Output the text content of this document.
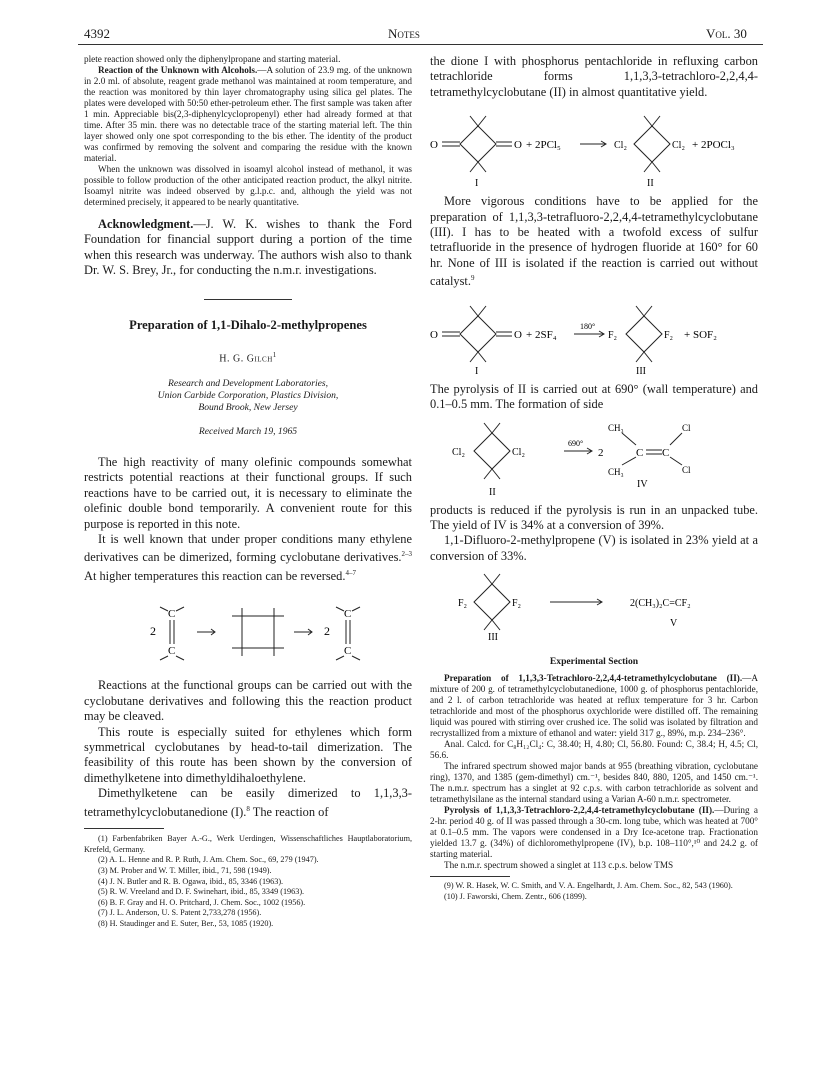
4392	Notes	Vol. 30

plete reaction showed only the diphenylpropane and starting material.

Reaction of the Unknown with Alcohols.—A solution of 23.9 mg. of the unknown in 2.0 ml. of absolute, reagent grade methanol was maintained at room temperature, and the reaction was monitored by thin layer chromatography using silica gel plates. The plates were developed with 50:50 ether-petroleum ether. The first sample was taken after 1 min. Appreciable bis(2,3-diphenylcyclopropenyl) ether had already formed at that time. After 35 min. there was no detectable trace of the starting material left. The thin layer showed only one spot corresponding to the bis ether. The identity of the product was confirmed by removing the solvent and comparing the residue with the known material.

When the unknown was dissolved in isoamyl alcohol instead of methanol, it was possible to follow production of the other anticipated reaction product, the alkyl nitrite. Isoamyl nitrite was indeed observed by g.l.p.c. and, although the yield was not determined precisely, it appeared to be nearly quantitative.

Acknowledgment.—J. W. K. wishes to thank the Ford Foundation for financial support during a portion of the time when this research was underway. The authors wish also to thank Dr. W. S. Brey, Jr., for conducting the n.m.r. investigations.

Preparation of 1,1-Dihalo-2-methylpropenes
H. G. Gilch$^1$
Research and Development Laboratories,
Union Carbide Corporation, Plastics Division,
Bound Brook, New Jersey
Received March 19, 1965

The high reactivity of many olefinic compounds somewhat restricts potential reactions at their functional groups. If such reactions have to be carried out, it is necessary to eliminate the olefinic double bond temporarily. A convenient route for this purpose is reported in this note.

It is well known that under proper conditions many ethylene derivatives can be dimerized, forming cyclobutane derivatives.$^{2-3}$ At higher temperatures this reaction can be reversed.$^{4-7}$

2
C
C
2
C
C

Reactions at the functional groups can be carried out with the cyclobutane derivatives and following this the reaction product may be cleaved.

This route is especially suited for ethylenes which form symmetrical cyclobutanes by head-to-tail dimerization. The feasibility of this route has been shown by the conversion of dimethylketene into dimethyldihaloethylene.

Dimethylketene can be easily dimerized to 1,1,3,3-tetramethylcyclobutanedione (I).$^8$ The reaction of

(1) Farbenfabriken Bayer A.-G., Werk Uerdingen, Wissenschaftliches Hauptlaboratorium, Krefeld, Germany.

(2) A. L. Henne and R. P. Ruth, J. Am. Chem. Soc., 69, 279 (1947).

(3) M. Prober and W. T. Miller, ibid., 71, 598 (1949).

(4) J. N. Butler and R. B. Ogawa, ibid., 85, 3346 (1963).

(5) R. W. Vreeland and D. F. Swinehart, ibid., 85, 3349 (1963).

(6) B. F. Gray and H. O. Pritchard, J. Chem. Soc., 1002 (1956).

(7) J. L. Anderson, U. S. Patent 2,733,278 (1956).

(8) H. Staudinger and E. Suter, Ber., 53, 1085 (1920).

the dione I with phosphorus pentachloride in refluxing carbon tetrachloride forms 1,1,3,3-tetrachloro-2,2,4,4-tetramethylcyclobutane (II) in almost quantitative yield.

O	O + 2PCl₅	Cl₂	Cl₂ + 2POCl₃
I	II

More vigorous conditions have to be applied for the preparation of 1,1,3,3-tetrafluoro-2,2,4,4-tetramethylcyclobutane (III). I has to be heated with a twofold excess of sulfur tetrafluoride in the presence of hydrogen fluoride at 160° for 60 hr. None of III is isolated if the reaction is carried out without catalyst.$^9$

O	O + 2SF₄
180°
F₂	F₂ + SOF₂
I	III

The pyrolysis of II is carried out at 690° (wall temperature) and 0.1–0.5 mm. The formation of side

Cl₂	Cl₂
690°
2
CH₃
CH₃
C C
Cl
Cl
II
IV

products is reduced if the pyrolysis is run in an unpacked tube. The yield of IV is 34% at a conversion of 39%.

1,1-Difluoro-2-methylpropene (V) is isolated in 23% yield at a conversion of 33%.

F₂	F₂	2(CH₃)₂C=CF₂
III
V
Experimental Section

Preparation of 1,1,3,3-Tetrachloro-2,2,4,4-tetramethylcyclobutane (II).—A mixture of 200 g. of tetramethylcyclobutanedione, 1000 g. of phosphorus pentachloride, and 2 l. of carbon tetrachloride was heated at reflux temperature for 3 hr. Carbon tetrachloride and most of the phosphorus oxychloride were distilled off. The remaining liquid was poured with stirring over crushed ice. The solid was isolated by filtration and recrystallized from a mixture of ethanol and water: yield 317 g., 89%, m.p. 234–236°.

Anal. Calcd. for C₈H₁₂Cl₄: C, 38.40; H, 4.80; Cl, 56.80. Found: C, 38.4; H, 4.5; Cl, 56.6.

The infrared spectrum showed major bands at 955 (breathing vibration, cyclobutane ring), 1370, and 1385 (gem-dimethyl) cm.⁻¹, besides 840, 880, 1205, and 1450 cm.⁻¹. The n.m.r. spectrum has a singlet at 92 c.p.s. with carbon tetrachloride as solvent and tetramethylsilane as the internal standard using a Varian A-60 n.m.r. spectrometer.

Pyrolysis of 1,1,3,3-Tetrachloro-2,2,4,4-tetramethylcyclobutane (II).—During a 2-hr. period 40 g. of II was passed through a 30-cm. long tube, which was heated at 700° at 0.1–0.5 mm. The vapors were condensed in a Dry Ice-acetone trap. Fractionation yielded 13.7 g. (34%) of dichloromethylpropene (IV), b.p. 108–110°,¹⁰ and 24.2 g. of starting material.

The n.m.r. spectrum showed a singlet at 113 c.p.s. below TMS

(9) W. R. Hasek, W. C. Smith, and V. A. Engelhardt, J. Am. Chem. Soc., 82, 543 (1960).

(10) J. Faworski, Chem. Zentr., 606 (1899).
